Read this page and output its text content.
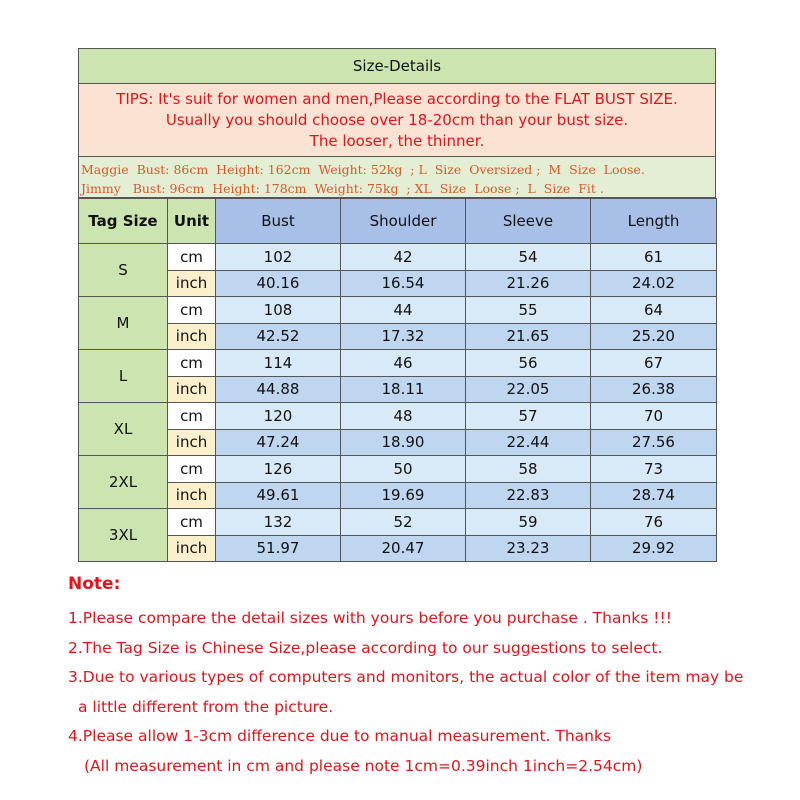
Size-Details
TIPS: It's suit for women and men,Please according to the FLAT BUST SIZE.
Usually you should choose over 18-20cm than your bust size.
The looser, the thinner.
Maggie  Bust: 86cm  Height: 162cm  Weight: 52kg  ; L  Size  Oversized ;  M  Size  Loose.
Jimmy   Bust: 96cm  Height: 178cm  Weight: 75kg  ; XL  Size  Loose ;  L  Size  Fit .
Tag Size	Unit	Bust	Shoulder	Sleeve	Length
S	cm	102	42	54	61
	inch	40.16	16.54	21.26	24.02
M	cm	108	44	55	64
	inch	42.52	17.32	21.65	25.20
L	cm	114	46	56	67
	inch	44.88	18.11	22.05	26.38
XL	cm	120	48	57	70
	inch	47.24	18.90	22.44	27.56
2XL	cm	126	50	58	73
	inch	49.61	19.69	22.83	28.74
3XL	cm	132	52	59	76
	inch	51.97	20.47	23.23	29.92
Note:
1.Please compare the detail sizes with yours before you purchase . Thanks !!!
2.The Tag Size is Chinese Size,please according to our suggestions to select.
3.Due to various types of computers and monitors, the actual color of the item may be
a little different from the picture.
4.Please allow 1-3cm difference due to manual measurement. Thanks
(All measurement in cm and please note 1cm=0.39inch 1inch=2.54cm)
